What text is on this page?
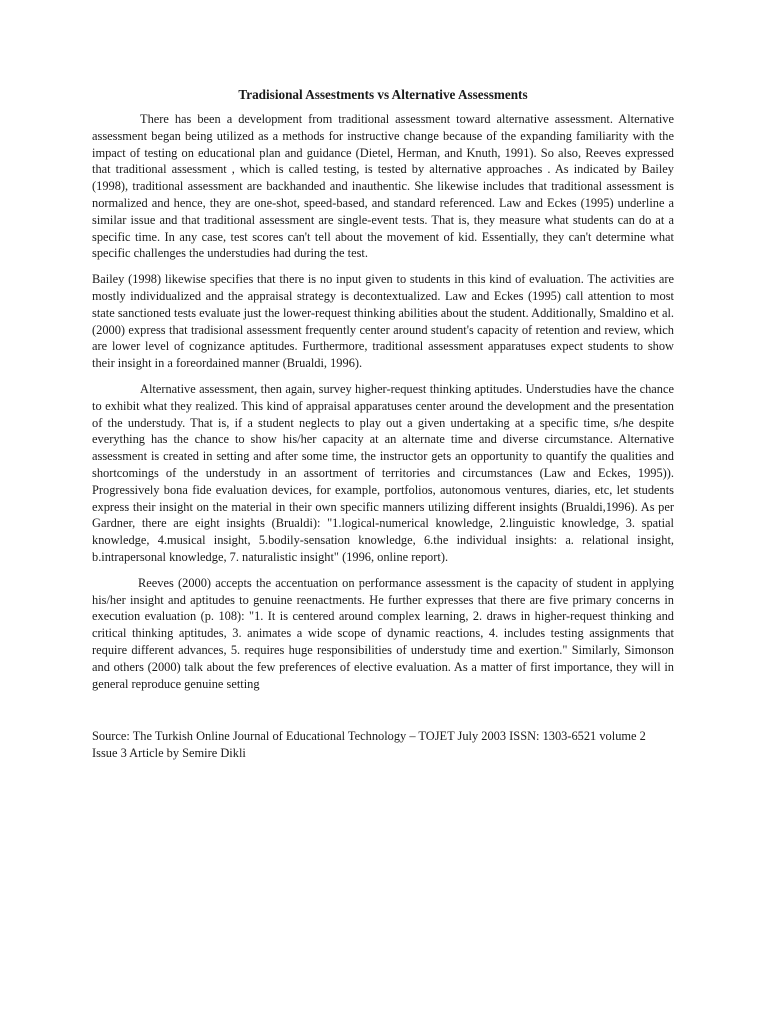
Tradisional Assestments vs Alternative Assessments

There has been a development from traditional assessment toward alternative assessment. Alternative assessment began being utilized as a methods for instructive change because of the expanding familiarity with the impact of testing on educational plan and guidance (Dietel, Herman, and Knuth, 1991). So also, Reeves expressed that traditional assessment , which is called testing, is tested by alternative approaches . As indicated by Bailey (1998), traditional assessment are backhanded and inauthentic. She likewise includes that traditional assessment is normalized and hence, they are one-shot, speed-based, and standard referenced. Law and Eckes (1995) underline a similar issue and that traditional assessment are single-event tests. That is, they measure what students can do at a specific time. In any case, test scores can't tell about the movement of kid. Essentially, they can't determine what specific challenges the understudies had during the test.

Bailey (1998) likewise specifies that there is no input given to students in this kind of evaluation. The activities are mostly individualized and the appraisal strategy is decontextualized. Law and Eckes (1995) call attention to most state sanctioned tests evaluate just the lower-request thinking abilities about the student. Additionally, Smaldino et al. (2000) express that tradisional assessment frequently center around student's capacity of retention and review, which are lower level of cognizance aptitudes. Furthermore, traditional assessment apparatuses expect students to show their insight in a foreordained manner (Brualdi, 1996).

Alternative assessment, then again, survey higher-request thinking aptitudes. Understudies have the chance to exhibit what they realized. This kind of appraisal apparatuses center around the development and the presentation of the understudy. That is, if a student neglects to play out a given undertaking at a specific time, s/he despite everything has the chance to show his/her capacity at an alternate time and diverse circumstance. Alternative assessment is created in setting and after some time, the instructor gets an opportunity to quantify the qualities and shortcomings of the understudy in an assortment of territories and circumstances (Law and Eckes, 1995)). Progressively bona fide evaluation devices, for example, portfolios, autonomous ventures, diaries, etc, let students express their insight on the material in their own specific manners utilizing different insights (Brualdi,1996). As per Gardner, there are eight insights (Brualdi): "1.logical-numerical knowledge, 2.linguistic knowledge, 3. spatial knowledge, 4.musical insight, 5.bodily-sensation knowledge, 6.the individual insights: a. relational insight, b.intrapersonal knowledge, 7. naturalistic insight" (1996, online report).

Reeves (2000) accepts the accentuation on performance assessment is the capacity of student in applying his/her insight and aptitudes to genuine reenactments. He further expresses that there are five primary concerns in execution evaluation (p. 108): "1. It is centered around complex learning, 2. draws in higher-request thinking and critical thinking aptitudes, 3. animates a wide scope of dynamic reactions, 4. includes testing assignments that require different advances, 5. requires huge responsibilities of understudy time and exertion." Similarly, Simonson and others (2000) talk about the few preferences of elective evaluation. As a matter of first importance, they will in general reproduce genuine setting

Source: The Turkish Online Journal of Educational Technology – TOJET July 2003 ISSN: 1303-6521 volume 2 Issue 3 Article by Semire Dikli
